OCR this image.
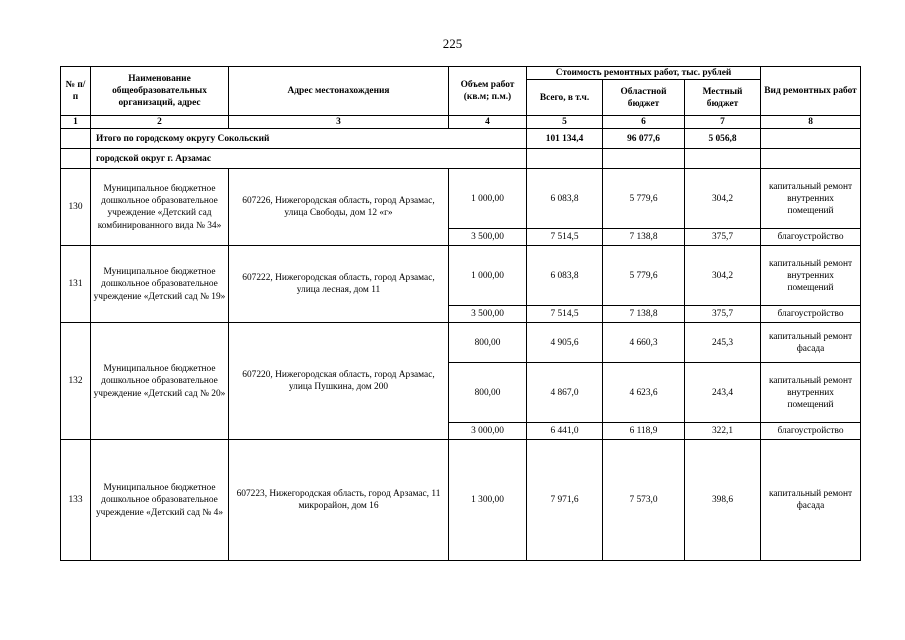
225
№ п/п	Наименование общеобразовательных организаций, адрес	Адрес местонахождения	Объем работ (кв.м; п.м.)	Стоимость ремонтных работ, тыс. рублей			Вид ремонтных работ
				Всего, в т.ч.	Областной бюджет	Местный бюджет	
1	2	3	4	5	6	7	8
	Итого по городскому округу Сокольский			101 134,4	96 077,6	5 056,8	
	городской округ г. Арзамас						
130	Муниципальное бюджетное дошкольное образовательное учреждение «Детский сад комбинированного вида № 34»	607226, Нижегородская область, город Арзамас, улица Свободы, дом 12 «г»	1 000,00	6 083,8	5 779,6	304,2	капитальный ремонт внутренних помещений
			3 500,00	7 514,5	7 138,8	375,7	благоустройство
131	Муниципальное бюджетное дошкольное образовательное учреждение «Детский сад № 19»	607222, Нижегородская область, город Арзамас, улица лесная, дом 11	1 000,00	6 083,8	5 779,6	304,2	капитальный ремонт внутренних помещений
			3 500,00	7 514,5	7 138,8	375,7	благоустройство
132	Муниципальное бюджетное дошкольное образовательное учреждение «Детский сад № 20»	607220, Нижегородская область, город Арзамас, улица Пушкина, дом 200	800,00	4 905,6	4 660,3	245,3	капитальный ремонт фасада
			800,00	4 867,0	4 623,6	243,4	капитальный ремонт внутренних помещений
			3 000,00	6 441,0	6 118,9	322,1	благоустройство
133	Муниципальное бюджетное дошкольное образовательное учреждение «Детский сад № 4»	607223, Нижегородская область, город Арзамас, 11 микрорайон, дом 16	1 300,00	7 971,6	7 573,0	398,6	капитальный ремонт фасада
